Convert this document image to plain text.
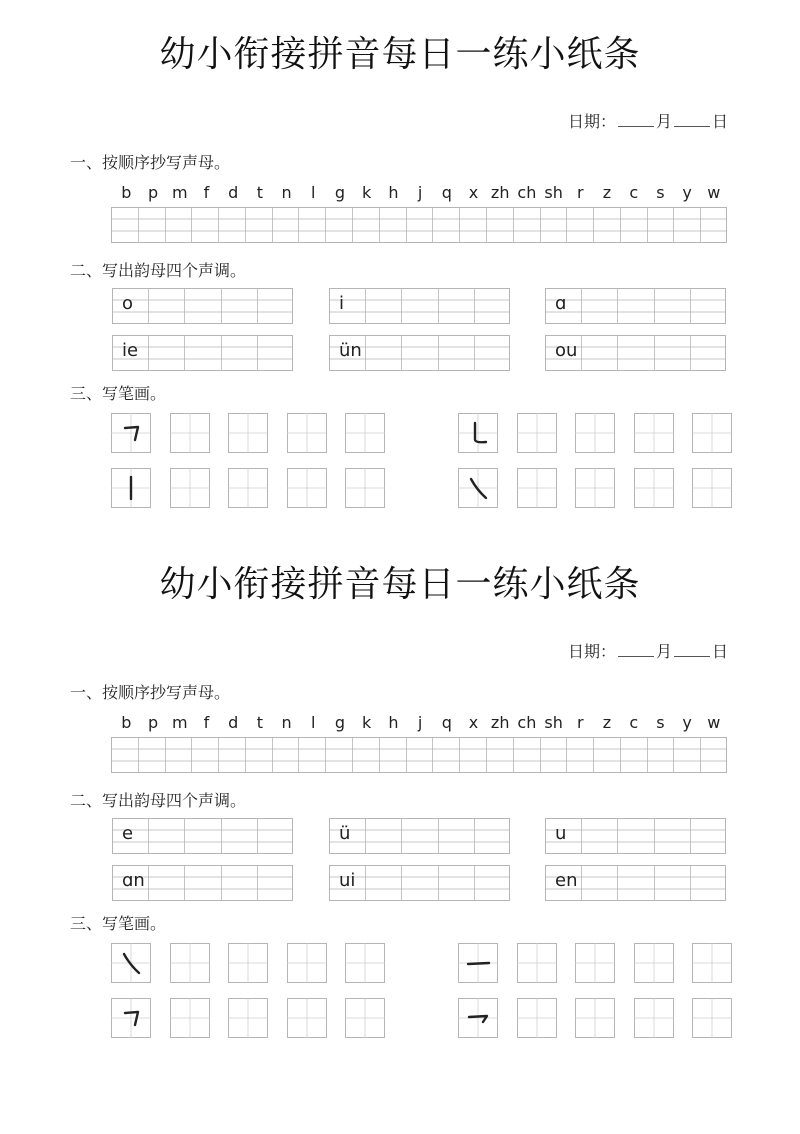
幼小衔接拼音每日一练小纸条
日期：	月	日
一、按顺序抄写声母。
b	p m	f	d	t	n	l	g	k	h	j	q	x zh ch sh r	z	c	s	y w
二、写出韵母四个声调。
o	i	ɑ
ie	ün	ou
三、写笔画。
幼小衔接拼音每日一练小纸条
日期：	月	日
一、按顺序抄写声母。
b	p m	f	d	t	n	l	g	k	h	j	q	x zh ch sh r	z	c	s	y w
二、写出韵母四个声调。
e	ü	u
ɑn	ui	en
三、写笔画。
